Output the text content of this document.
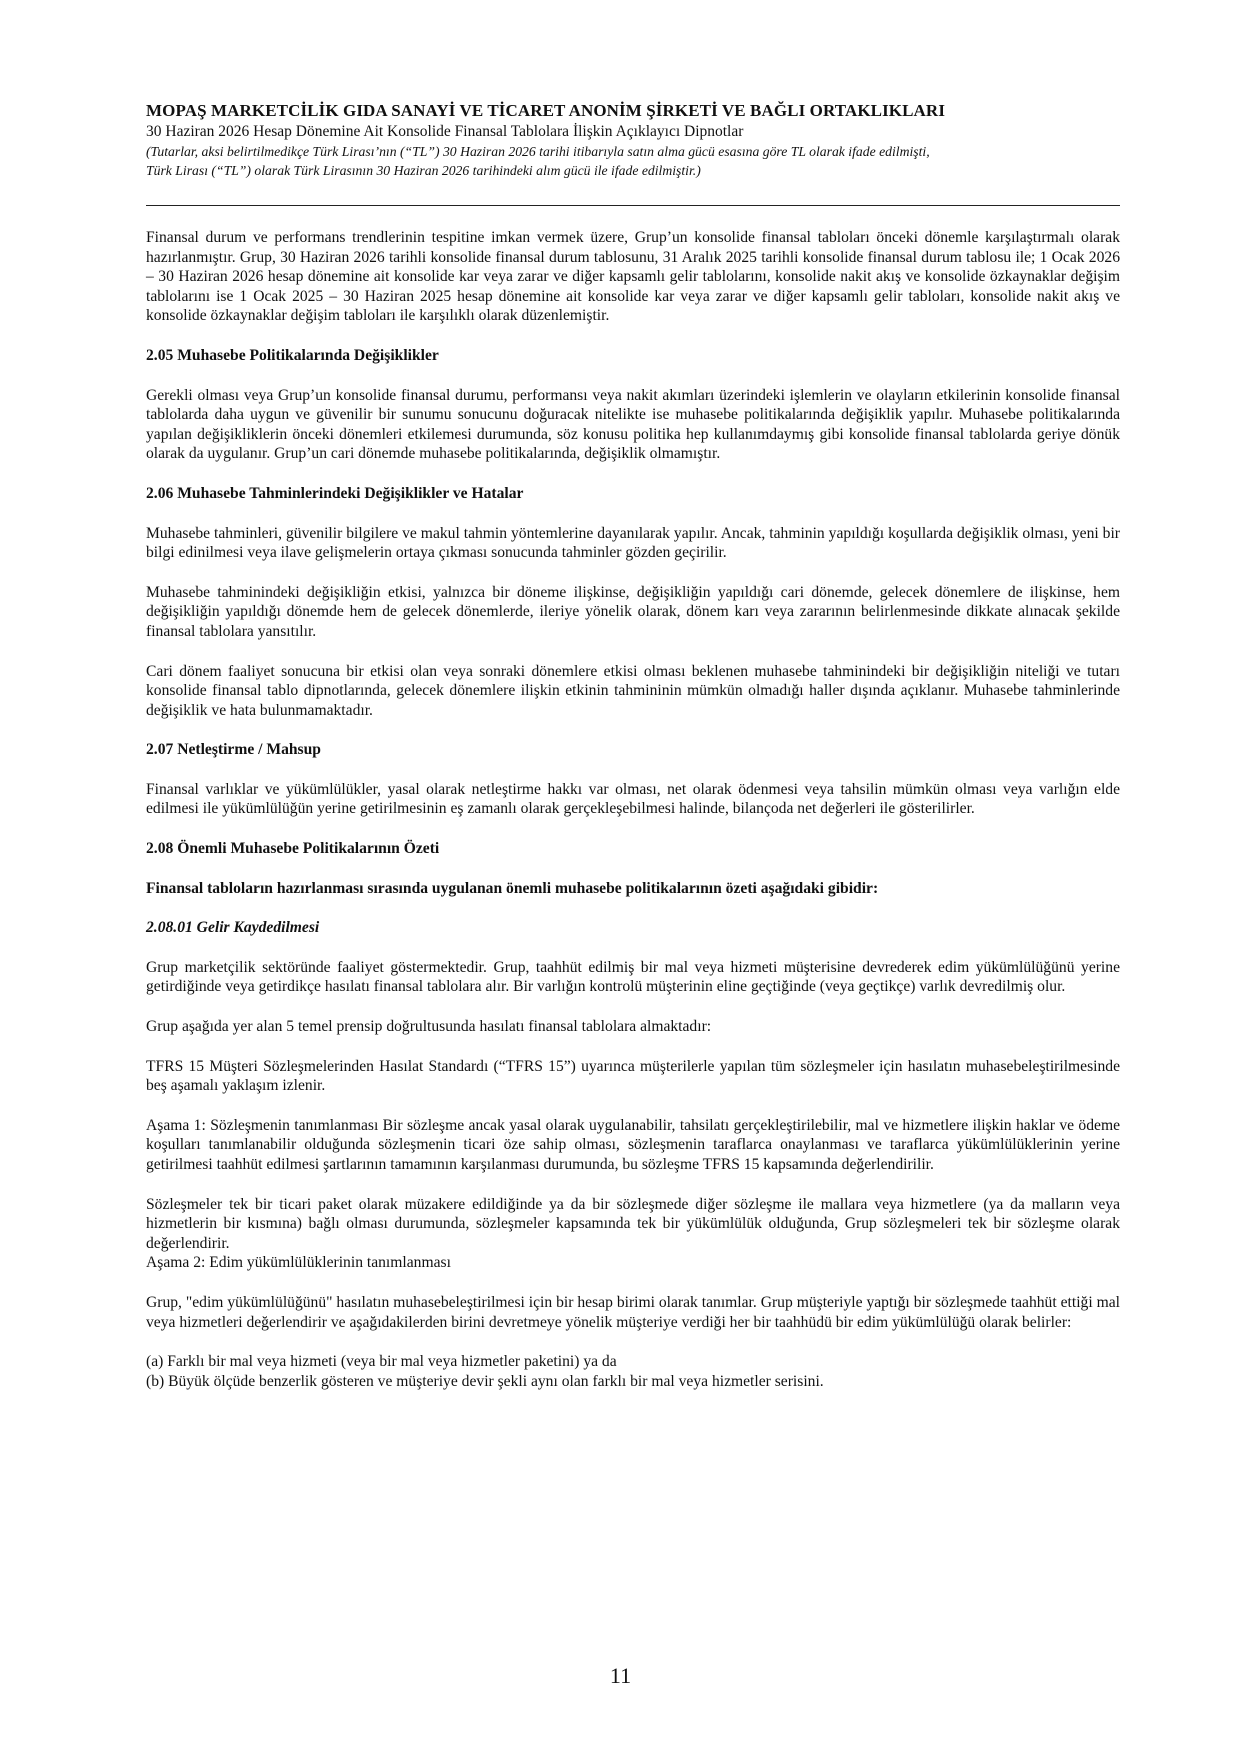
MOPAŞ MARKETCİLİK GIDA SANAYİ VE TİCARET ANONİM ŞİRKETİ VE BAĞLI ORTAKLIKLARI
30 Haziran 2026 Hesap Dönemine Ait Konsolide Finansal Tablolara İlişkin Açıklayıcı Dipnotlar
(Tutarlar, aksi belirtilmedikçe Türk Lirası’nın (“TL”) 30 Haziran 2026 tarihi itibarıyla satın alma gücü esasına göre TL olarak ifade edilmişti,
Türk Lirası (“TL”) olarak Türk Lirasının 30 Haziran 2026 tarihindeki alım gücü ile ifade edilmiştir.)

Finansal durum ve performans trendlerinin tespitine imkan vermek üzere, Grup’un konsolide finansal tabloları önceki dönemle karşılaştırmalı olarak hazırlanmıştır. Grup, 30 Haziran 2026 tarihli konsolide finansal durum tablosunu, 31 Aralık 2025 tarihli konsolide finansal durum tablosu ile; 1 Ocak 2026 – 30 Haziran 2026 hesap dönemine ait konsolide kar veya zarar ve diğer kapsamlı gelir tablolarını, konsolide nakit akış ve konsolide özkaynaklar değişim tablolarını ise 1 Ocak 2025 – 30 Haziran 2025 hesap dönemine ait konsolide kar veya zarar ve diğer kapsamlı gelir tabloları, konsolide nakit akış ve konsolide özkaynaklar değişim tabloları ile karşılıklı olarak düzenlemiştir.

2.05 Muhasebe Politikalarında Değişiklikler

Gerekli olması veya Grup’un konsolide finansal durumu, performansı veya nakit akımları üzerindeki işlemlerin ve olayların etkilerinin konsolide finansal tablolarda daha uygun ve güvenilir bir sunumu sonucunu doğuracak nitelikte ise muhasebe politikalarında değişiklik yapılır. Muhasebe politikalarında yapılan değişikliklerin önceki dönemleri etkilemesi durumunda, söz konusu politika hep kullanımdaymış gibi konsolide finansal tablolarda geriye dönük olarak da uygulanır. Grup’un cari dönemde muhasebe politikalarında, değişiklik olmamıştır.

2.06 Muhasebe Tahminlerindeki Değişiklikler ve Hatalar

Muhasebe tahminleri, güvenilir bilgilere ve makul tahmin yöntemlerine dayanılarak yapılır. Ancak, tahminin yapıldığı koşullarda değişiklik olması, yeni bir bilgi edinilmesi veya ilave gelişmelerin ortaya çıkması sonucunda tahminler gözden geçirilir.

Muhasebe tahminindeki değişikliğin etkisi, yalnızca bir döneme ilişkinse, değişikliğin yapıldığı cari dönemde, gelecek dönemlere de ilişkinse, hem değişikliğin yapıldığı dönemde hem de gelecek dönemlerde, ileriye yönelik olarak, dönem karı veya zararının belirlenmesinde dikkate alınacak şekilde finansal tablolara yansıtılır.

Cari dönem faaliyet sonucuna bir etkisi olan veya sonraki dönemlere etkisi olması beklenen muhasebe tahminindeki bir değişikliğin niteliği ve tutarı konsolide finansal tablo dipnotlarında, gelecek dönemlere ilişkin etkinin tahmininin mümkün olmadığı haller dışında açıklanır. Muhasebe tahminlerinde değişiklik ve hata bulunmamaktadır.

2.07 Netleştirme / Mahsup

Finansal varlıklar ve yükümlülükler, yasal olarak netleştirme hakkı var olması, net olarak ödenmesi veya tahsilin mümkün olması veya varlığın elde edilmesi ile yükümlülüğün yerine getirilmesinin eş zamanlı olarak gerçekleşebilmesi halinde, bilançoda net değerleri ile gösterilirler.

2.08 Önemli Muhasebe Politikalarının Özeti

Finansal tabloların hazırlanması sırasında uygulanan önemli muhasebe politikalarının özeti aşağıdaki gibidir:

2.08.01 Gelir Kaydedilmesi

Grup marketçilik sektöründe faaliyet göstermektedir. Grup, taahhüt edilmiş bir mal veya hizmeti müşterisine devrederek edim yükümlülüğünü yerine getirdiğinde veya getirdikçe hasılatı finansal tablolara alır. Bir varlığın kontrolü müşterinin eline geçtiğinde (veya geçtikçe) varlık devredilmiş olur.

Grup aşağıda yer alan 5 temel prensip doğrultusunda hasılatı finansal tablolara almaktadır:

TFRS 15 Müşteri Sözleşmelerinden Hasılat Standardı (“TFRS 15”) uyarınca müşterilerle yapılan tüm sözleşmeler için hasılatın muhasebeleştirilmesinde beş aşamalı yaklaşım izlenir.

Aşama 1: Sözleşmenin tanımlanması Bir sözleşme ancak yasal olarak uygulanabilir, tahsilatı gerçekleştirilebilir, mal ve hizmetlere ilişkin haklar ve ödeme koşulları tanımlanabilir olduğunda sözleşmenin ticari öze sahip olması, sözleşmenin taraflarca onaylanması ve taraflarca yükümlülüklerinin yerine getirilmesi taahhüt edilmesi şartlarının tamamının karşılanması durumunda, bu sözleşme TFRS 15 kapsamında değerlendirilir.

Sözleşmeler tek bir ticari paket olarak müzakere edildiğinde ya da bir sözleşmede diğer sözleşme ile mallara veya hizmetlere (ya da malların veya hizmetlerin bir kısmına) bağlı olması durumunda, sözleşmeler kapsamında tek bir yükümlülük olduğunda, Grup sözleşmeleri tek bir sözleşme olarak değerlendirir.

Aşama 2: Edim yükümlülüklerinin tanımlanması

Grup, "edim yükümlülüğünü" hasılatın muhasebeleştirilmesi için bir hesap birimi olarak tanımlar. Grup müşteriyle yaptığı bir sözleşmede taahhüt ettiği mal veya hizmetleri değerlendirir ve aşağıdakilerden birini devretmeye yönelik müşteriye verdiği her bir taahhüdü bir edim yükümlülüğü olarak belirler:

(a) Farklı bir mal veya hizmeti (veya bir mal veya hizmetler paketini) ya da
(b) Büyük ölçüde benzerlik gösteren ve müşteriye devir şekli aynı olan farklı bir mal veya hizmetler serisini.
11
